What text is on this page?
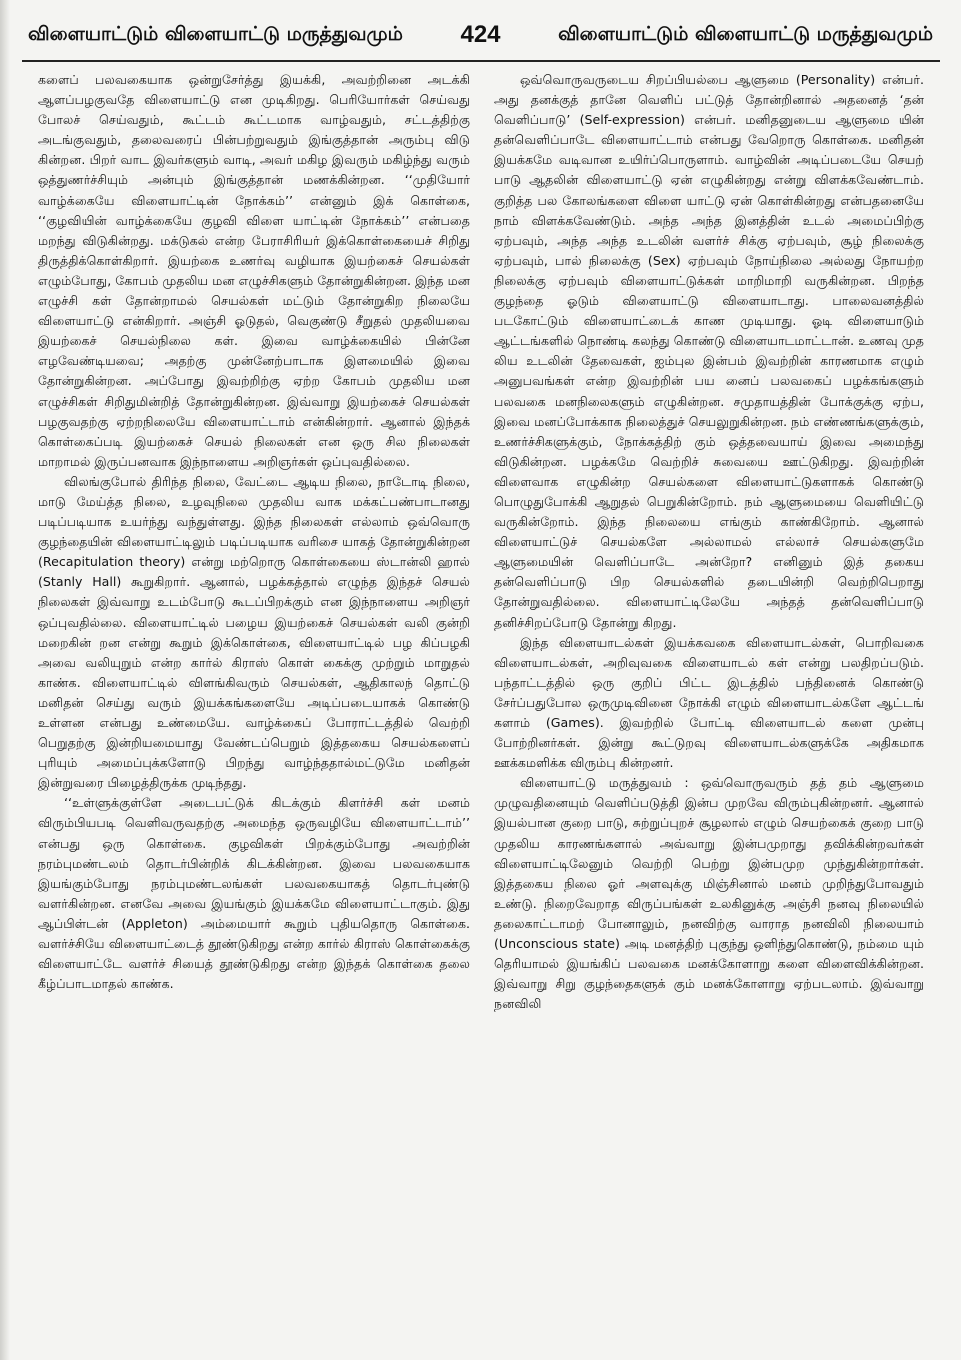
விளையாட்டும் விளையாட்டு மருத்துவமும் 424	விளையாட்டும் விளையாட்டு மருத்துவமும்

களைப் பலவகையாக ஒன்றுசேர்த்து இயக்கி, அவற்றினை அடக்கி ஆளப்பழகுவதே விளையாட்டு என முடிகிறது. பெரியோர்கள் செய்வது போலச் செய்வதும், கூட்டம் கூட்டமாக வாழ்வதும், சட்டத்திற்கு அடங்குவதும், தலைவரைப் பின்பற்றுவதும் இங்குத்தான் அரும்பு விடு கின்றன. பிறர் வாட இவர்களும் வாடி, அவர் மகிழ இவரும் மகிழ்ந்து வரும் ஒத்துணர்ச்சியும் அன்பும் இங்குத்தான் மணக்கின்றன. ‘‘முதியோர் வாழ்க்கையே விளையாட்டின் நோக்கம்’’ என்னும் இக் கொள்கை, ‘‘குழவியின் வாழ்க்கையே குழவி விளை யாட்டின் நோக்கம்’’ என்பதை மறந்து விடுகின்றது. மக்டுகல் என்ற பேராசிரியர் இக்கொள்கையைச் சிறிது திருத்திக்கொள்கிறார். இயற்கை உணர்வு வழியாக இயற்கைச் செயல்கள் எழும்போது, கோபம் முதலிய மன எழுச்சிகளும் தோன்றுகின்றன. இந்த மன எழுச்சி கள் தோன்றாமல் செயல்கள் மட்டும் தோன்றுகிற நிலையே விளையாட்டு என்கிறார். அஞ்சி ஓடுதல், வெகுண்டு சீறுதல் முதலியவை இயற்கைச் செயல்நிலை கள். இவை வாழ்க்கையில் பின்னே எழவேண்டியவை; அதற்கு முன்னேற்பாடாக இளமையில் இவை தோன்றுகின்றன. அப்போது இவற்றிற்கு ஏற்ற கோபம் முதலிய மன எழுச்சிகள் சிறிதுமின்றித் தோன்றுகின்றன. இவ்வாறு இயற்கைச் செயல்கள் பழகுவதற்கு ஏற்றநிலையே விளையாட்டாம் என்கின்றார். ஆனால் இந்தக் கொள்கைப்படி இயற்கைச் செயல் நிலைகள் என ஒரு சில நிலைகள் மாறாமல் இருப்பனவாக இந்நாளைய அறிஞர்கள் ஒப்புவதில்லை.

விலங்குபோல் திரிந்த நிலை, வேட்டை ஆடிய நிலை, நாடோடி நிலை, மாடு மேய்த்த நிலை, உழவுநிலை முதலிய வாக மக்கட்பண்பாடானது படிப்படியாக உயர்ந்து வந்துள்ளது. இந்த நிலைகள் எல்லாம் ஒவ்வொரு குழந்தையின் விளையாட்டிலும் படிப்படியாக வரிசை யாகத் தோன்றுகின்றன (Recapitulation theory) என்று மற்றொரு கொள்கையை ஸ்டான்லி ஹால் (Stanly Hall) கூறுகிறார். ஆனால், பழக்கத்தால் எழுந்த இந்தச் செயல் நிலைகள் இவ்வாறு உடம்போடு கூடப்பிறக்கும் என இந்நாளைய அறிஞர் ஒப்புவதில்லை. விளையாட்டில் பழைய இயற்கைச் செயல்கள் வலி குன்றி மறைகின் றன என்று கூறும் இக்கொள்கை, விளையாட்டில் பழ கிப்பழகி அவை வலியுறும் என்ற கார்ல் கிராஸ் கொள் கைக்கு முற்றும் மாறுதல் காண்க. விளையாட்டில் விளங்கிவரும் செயல்கள், ஆதிகாலந் தொட்டு மனிதன் செய்து வரும் இயக்கங்களையே அடிப்படையாகக் கொண்டு உள்ளன என்பது உண்மையே. வாழ்க்கைப் போராட்டத்தில் வெற்றி பெறுதற்கு இன்றியமையாது வேண்டப்பெறும் இத்தகைய செயல்களைப் புரியும் அமைப்புக்களோடு பிறந்து வாழ்ந்ததால்மட்டுமே மனிதன் இன்றுவரை பிழைத்திருக்க முடிந்தது.

‘‘உள்ளுக்குள்ளே அடைபட்டுக் கிடக்கும் கிளர்ச்சி கள் மனம் விரும்பியபடி வெளிவருவதற்கு அமைந்த ஒருவழியே விளையாட்டாம்’’ என்பது ஒரு கொள்கை. குழவிகள் பிறக்கும்போது அவற்றின் நரம்புமண்டலம் தொடர்பின்றிக் கிடக்கின்றன. இவை பலவகையாக இயங்கும்போது நரம்புமண்டலங்கள் பலவகையாகத் தொடர்புண்டு வளர்கின்றன. எனவே அவை இயங்கும் இயக்கமே விளையாட்டாகும். இது ஆப்பிள்டன் (Appleton) அம்மையார் கூறும் புதியதொரு கொள்கை. வளர்ச்சியே விளையாட்டைத் தூண்டுகிறது என்ற கார்ல் கிராஸ் கொள்கைக்கு விளையாட்டே வளர்ச் சியைத் தூண்டுகிறது என்ற இந்தக் கொள்கை தலை கீழ்ப்பாடமாதல் காண்க.

ஒவ்வொருவருடைய சிறப்பியல்பை ஆளுமை (Personality) என்பர். அது தனக்குத் தானே வெளிப் பட்டுத் தோன்றினால் அதனைத் ‘தன் வெளிப்பாடு’ (Self-expression) என்பர். மனிதனுடைய ஆளுமை யின் தன்வெளிப்பாடே விளையாட்டாம் என்பது வேறொரு கொள்கை. மனிதன் இயக்கமே வடிவான உயிர்ப்பொருளாம். வாழ்வின் அடிப்படையே செயற் பாடு ஆதலின் விளையாட்டு ஏன் எழுகின்றது என்று விளக்கவேண்டாம். குறித்த பல கோலங்களை விளை யாட்டு ஏன் கொள்கின்றது என்பதனையே நாம் விளக்கவேண்டும். அந்த அந்த இனத்தின் உடல் அமைப்பிற்கு ஏற்பவும், அந்த அந்த உடலின் வளர்ச் சிக்கு ஏற்பவும், சூழ் நிலைக்கு ஏற்பவும், பால் நிலைக்கு (Sex) ஏற்பவும் நோய்நிலை அல்லது நோயற்ற நிலைக்கு ஏற்பவும் விளையாட்டுக்கள் மாறிமாறி வருகின்றன. பிறந்த குழந்தை ஓடும் விளையாட்டு விளையாடாது. பாலைவனத்தில் படகோட்டும் விளையாட்டைக் காண முடியாது. ஓடி விளையாடும் ஆட்டங்களில் நொண்டி கலந்து கொண்டு விளையாடமாட்டான். உணவு முத லிய உடலின் தேவைகள், ஐம்புல இன்பம் இவற்றின் காரணமாக எழும் அனுபவங்கள் என்ற இவற்றின் பய னைப் பலவகைப் பழக்கங்களும் பலவகை மனநிலைகளும் எழுகின்றன. சமுதாயத்தின் போக்குக்கு ஏற்ப, இவை மனப்போக்காக நிலைத்துச் செயலுறுகின்றன. நம் எண்ணங்களுக்கும், உணர்ச்சிகளுக்கும், நோக்கத்திற் கும் ஒத்தவையாய் இவை அமைந்து விடுகின்றன. பழக்கமே வெற்றிச் சுவையை ஊட்டுகிறது. இவற்றின் விளைவாக எழுகின்ற செயல்களை விளையாட்டுகளாகக் கொண்டு பொழுதுபோக்கி ஆறுதல் பெறுகின்றோம். நம் ஆளுமையை வெளியிட்டு வருகின்றோம். இந்த நிலையை எங்கும் காண்கிறோம். ஆனால் விளையாட்டுச் செயல்களே அல்லாமல் எல்லாச் செயல்களுமே ஆளுமையின் வெளிப்பாடே அன்றோ? எனினும் இத் தகைய தன்வெளிப்பாடு பிற செயல்களில் தடையின்றி வெற்றிபெறாது தோன்றுவதில்லை. விளையாட்டிலேயே அந்தத் தன்வெளிப்பாடு தனிச்சிறப்போடு தோன்று கிறது.

இந்த விளையாடல்கள் இயக்கவகை விளையாடல்கள், பொறிவகை விளையாடல்கள், அறிவுவகை விளையாடல் கள் என்று பலதிறப்படும். பந்தாட்டத்தில் ஒரு குறிப் பிட்ட இடத்தில் பந்தினைக் கொண்டு சேர்ப்பதுபோல ஒருமுடிவினை நோக்கி எழும் விளையாடல்களே ஆட்டங் களாம் (Games). இவற்றில் போட்டி விளையாடல் களை முன்பு போற்றினர்கள். இன்று கூட்டுறவு விளையாடல்களுக்கே அதிகமாக ஊக்கமளிக்க விரும்பு கின்றனர்.

விளையாட்டு மருத்துவம் : ஒவ்வொருவரும் தத் தம் ஆளுமை முழுவதினையும் வெளிப்படுத்தி இன்ப முறவே விரும்புகின்றனர். ஆனால் இயல்பான குறை பாடு, சுற்றுப்புறச் சூழலால் எழும் செயற்கைக் குறை பாடு முதலிய காரணங்களால் அவ்வாறு இன்பமுறாது தவிக்கின்றவர்கள் விளையாட்டிலேனும் வெற்றி பெற்று இன்பமுற முந்துகின்றார்கள். இத்தகைய நிலை ஓர் அளவுக்கு மிஞ்சினால் மனம் முறிந்துபோவதும் உண்டு. நிறைவேறாத விருப்பங்கள் உலகினுக்கு அஞ்சி நனவு நிலையில் தலைகாட்டாமற் போனாலும், நனவிற்கு வாராத நனவிலி நிலையாம் (Unconscious state) அடி மனத்திற் புகுந்து ஒளிந்துகொண்டு, நம்மை யும் தெரியாமல் இயங்கிப் பலவகை மனக்கோளாறு களை விளைவிக்கின்றன. இவ்வாறு சிறு குழந்தைகளுக் கும் மனக்கோளாறு ஏற்படலாம். இவ்வாறு நனவிலி
